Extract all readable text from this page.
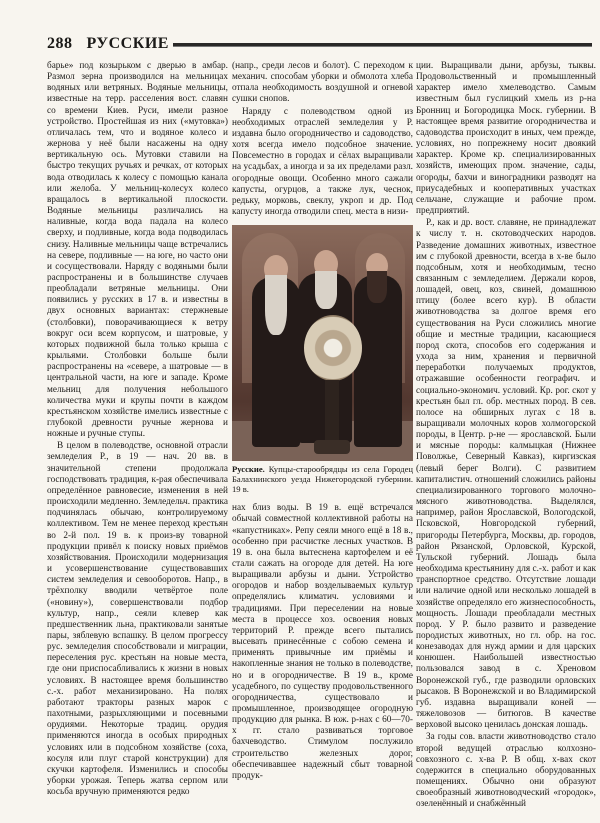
288 РУССКИЕ

барье» под козырьком с дверью в амбар. Размол зерна производился на мельницах водяных или ветряных. Водяные мельницы, известные на терр. расселения вост. славян со времени Киев. Руси, имели разное устройство. Простейшая из них («мутовка») отличалась тем, что и водяное колесо и жернова у неё были насажены на одну вертикальную ось. Мутовки ставили на быстро текущих ручьях и речках, от которых вода отводилась к колесу с помощью канала или желоба. У мельниц-колесух колесо вращалось в вертикальной плоскости. Водяные мельницы различались на наливные, когда вода падала на колесо сверху, и подливные, когда вода подводилась снизу. Наливные мельницы чаще встречались на севере, подливные — на юге, но часто они и сосуществовали. Наряду с водяными были распространены и в большинстве случаев преобладали ветряные мельницы. Они появились у русских в 17 в. и известны в двух основных вариантах: стержневые (столбовки), поворачивающиеся к ветру вокруг оси всем корпусом, и шатровые, у которых подвижной была только крыша с крыльями. Столбовки больше были распространены на «севере, а шатровые — в центральной части, на юге и западе. Кроме мельниц для получения небольшого количества муки и крупы почти в каждом крестьянском хозяйстве имелись известные с глубокой древности ручные жернова и ножные и ручные ступы.

В целом в полеводстве, основной отрасли земледелия Р., в 19 — нач. 20 вв. в значительной степени продолжала господствовать традиция, к-рая обеспечивала определённое равновесие, изменения в ней происходили медленно. Земледельч. практика подчинялась обычаю, контролируемому коллективом. Тем не менее переход крестьян во 2-й пол. 19 в. к произ-ву товарной продукции привёл к поиску новых приёмов хозяйствования. Происходили модернизация и усовершенствование существовавших систем земледелия и севооборотов. Напр., в трёхполку вводили четвёртое поле («новину»), совершенствовали подбор культур, напр., сеяли клевер как предшественник льна, практиковали занятые пары, зяблевую вспашку. В целом прогрессу рус. земледелия способствовали и миграции, переселения рус. крестьян на новые места, где они приспосабливались к жизни в новых условиях. В настоящее время большинство с.-х. работ механизировано. На полях работают тракторы разных марок с пахотными, разрыхляющими и посевными орудиями. Некоторые традиц. орудия применяются иногда в особых природных условиях или в подсобном хозяйстве (соха, косуля или плуг старой конструкции) для скучки картофеля. Изменились и способы уборки урожая. Теперь жатва серпом или косьба вручную применяются редко

(напр., среди лесов и болот). С переходом к механич. способам уборки и обмолота хлеба отпала необходимость воздушной и огневой сушки снопов.

Наряду с полеводством одной из необходимых отраслей земледелия у Р. издавна было огородничество и садоводство, хотя всегда имело подсобное значение. Повсеместно в городах и сёлах выращивали на усадьбах, а иногда и за их пределами разл. огородные овощи. Особенно много сажали капусты, огурцов, а также лук, чеснок, редьку, морковь, свеклу, укроп и др. Под капусту иногда отводили спец. места в низи-

Русские. Купцы-старообрядцы из села Городец Балахнинского уезда Нижегородской губернии. 19 в.

нах близ воды. В 19 в. ещё встречался обычай совместной коллективной работы на «капустниках». Репу сеяли много ещё в 18 в., особенно при расчистке лесных участков. В 19 в. она была вытеснена картофелем и её стали сажать на огороде для детей. На юге выращивали арбузы и дыни. Устройство огородов и набор возделываемых культур определялись климатич. условиями и традициями. При переселении на новые места в процессе хоз. освоения новых территорий Р. прежде всего пытались высевать принесённые с собою семена и применять привычные им приёмы и накопленные знания не только в полеводстве, но и в огородничестве. В 19 в., кроме усадебного, по существу продовольственного огородничества, существовало и промышленное, производящее огородную продукцию для рынка. В юж. р-нах с 60—70-х гг. стало развиваться торговое бахчеводство. Стимулом послужило строительство железных дорог, обеспечивавшее надежный сбыт товарной продук-

ции. Выращивали дыни, арбузы, тыквы. Продовольственный и промышленный характер имело хмелеводство. Самым известным был гуслицкий хмель из р-на Бронниц и Богородицка Моск. губернии. В настоящее время развитие огородничества и садоводства происходит в иных, чем прежде, условиях, но попрежнему носит двоякий характер. Кроме кр. специализированных хозяйств, имеющих пром. значение, сады, огороды, бахчи и виноградники разводят на приусадебных и кооперативных участках сельчане, служащие и рабочие пром. предприятий.

Р., как и др. вост. славяне, не принадлежат к числу т. н. скотоводческих народов. Разведение домашних животных, известное им с глубокой древности, всегда в х-ве было подсобным, хотя и необходимым, тесно связанным с земледелием. Держали коров, лошадей, овец, коз, свиней, домашнюю птицу (более всего кур). В области животноводства за долгое время его существования на Руси сложились многие общие и местные традиции, касающиеся пород скота, способов его содержания и ухода за ним, хранения и первичной переработки получаемых продуктов, отражавшие особенности географич. и социально-экономич. условий. Кр. рог. скот у крестьян был гл. обр. местных пород. В сев. полосе на обширных лугах с 18 в. выращивали молочных коров холмогорской породы, в Центр. р-не — ярославской. Были и мясные породы: калмыцкая (Нижнее Поволжье, Северный Кавказ), киргизская (левый берег Волги). С развитием капиталистич. отношений сложились районы специализированного торгового молочно-мясного животноводства. Выделялся, например, район Ярославской, Вологодской, Псковской, Новгородской губерний, пригороды Петербурга, Москвы, др. городов, район Рязанской, Орловской, Курской, Тульской губерний. Лошадь была необходима крестьянину для с.-х. работ и как транспортное средство. Отсутствие лошади или наличие одной или несколько лошадей в хозяйстве определяло его жизнеспособность, мощность. Лошади преобладали местных пород. У Р. было развито и разведение породистых животных, но гл. обр. на гос. конезаводах для нужд армии и для царских конюшен. Наибольшей известностью пользовался завод в с. Хреновом Воронежской губ., где разводили орловских рысаков. В Воронежской и во Владимирской губ. издавна выращивали коней — тяжеловозов — битюгов. В качестве верховой высоко ценилась донская лошадь.

За годы сов. власти животноводство стало второй ведущей отраслью колхозно-совхозного с. х-ва Р. В общ. х-вах скот содержится в специально оборудованных помещениях. Обычно они образуют своеобразный животноводческий «городок», озеленённый и снабжённый
